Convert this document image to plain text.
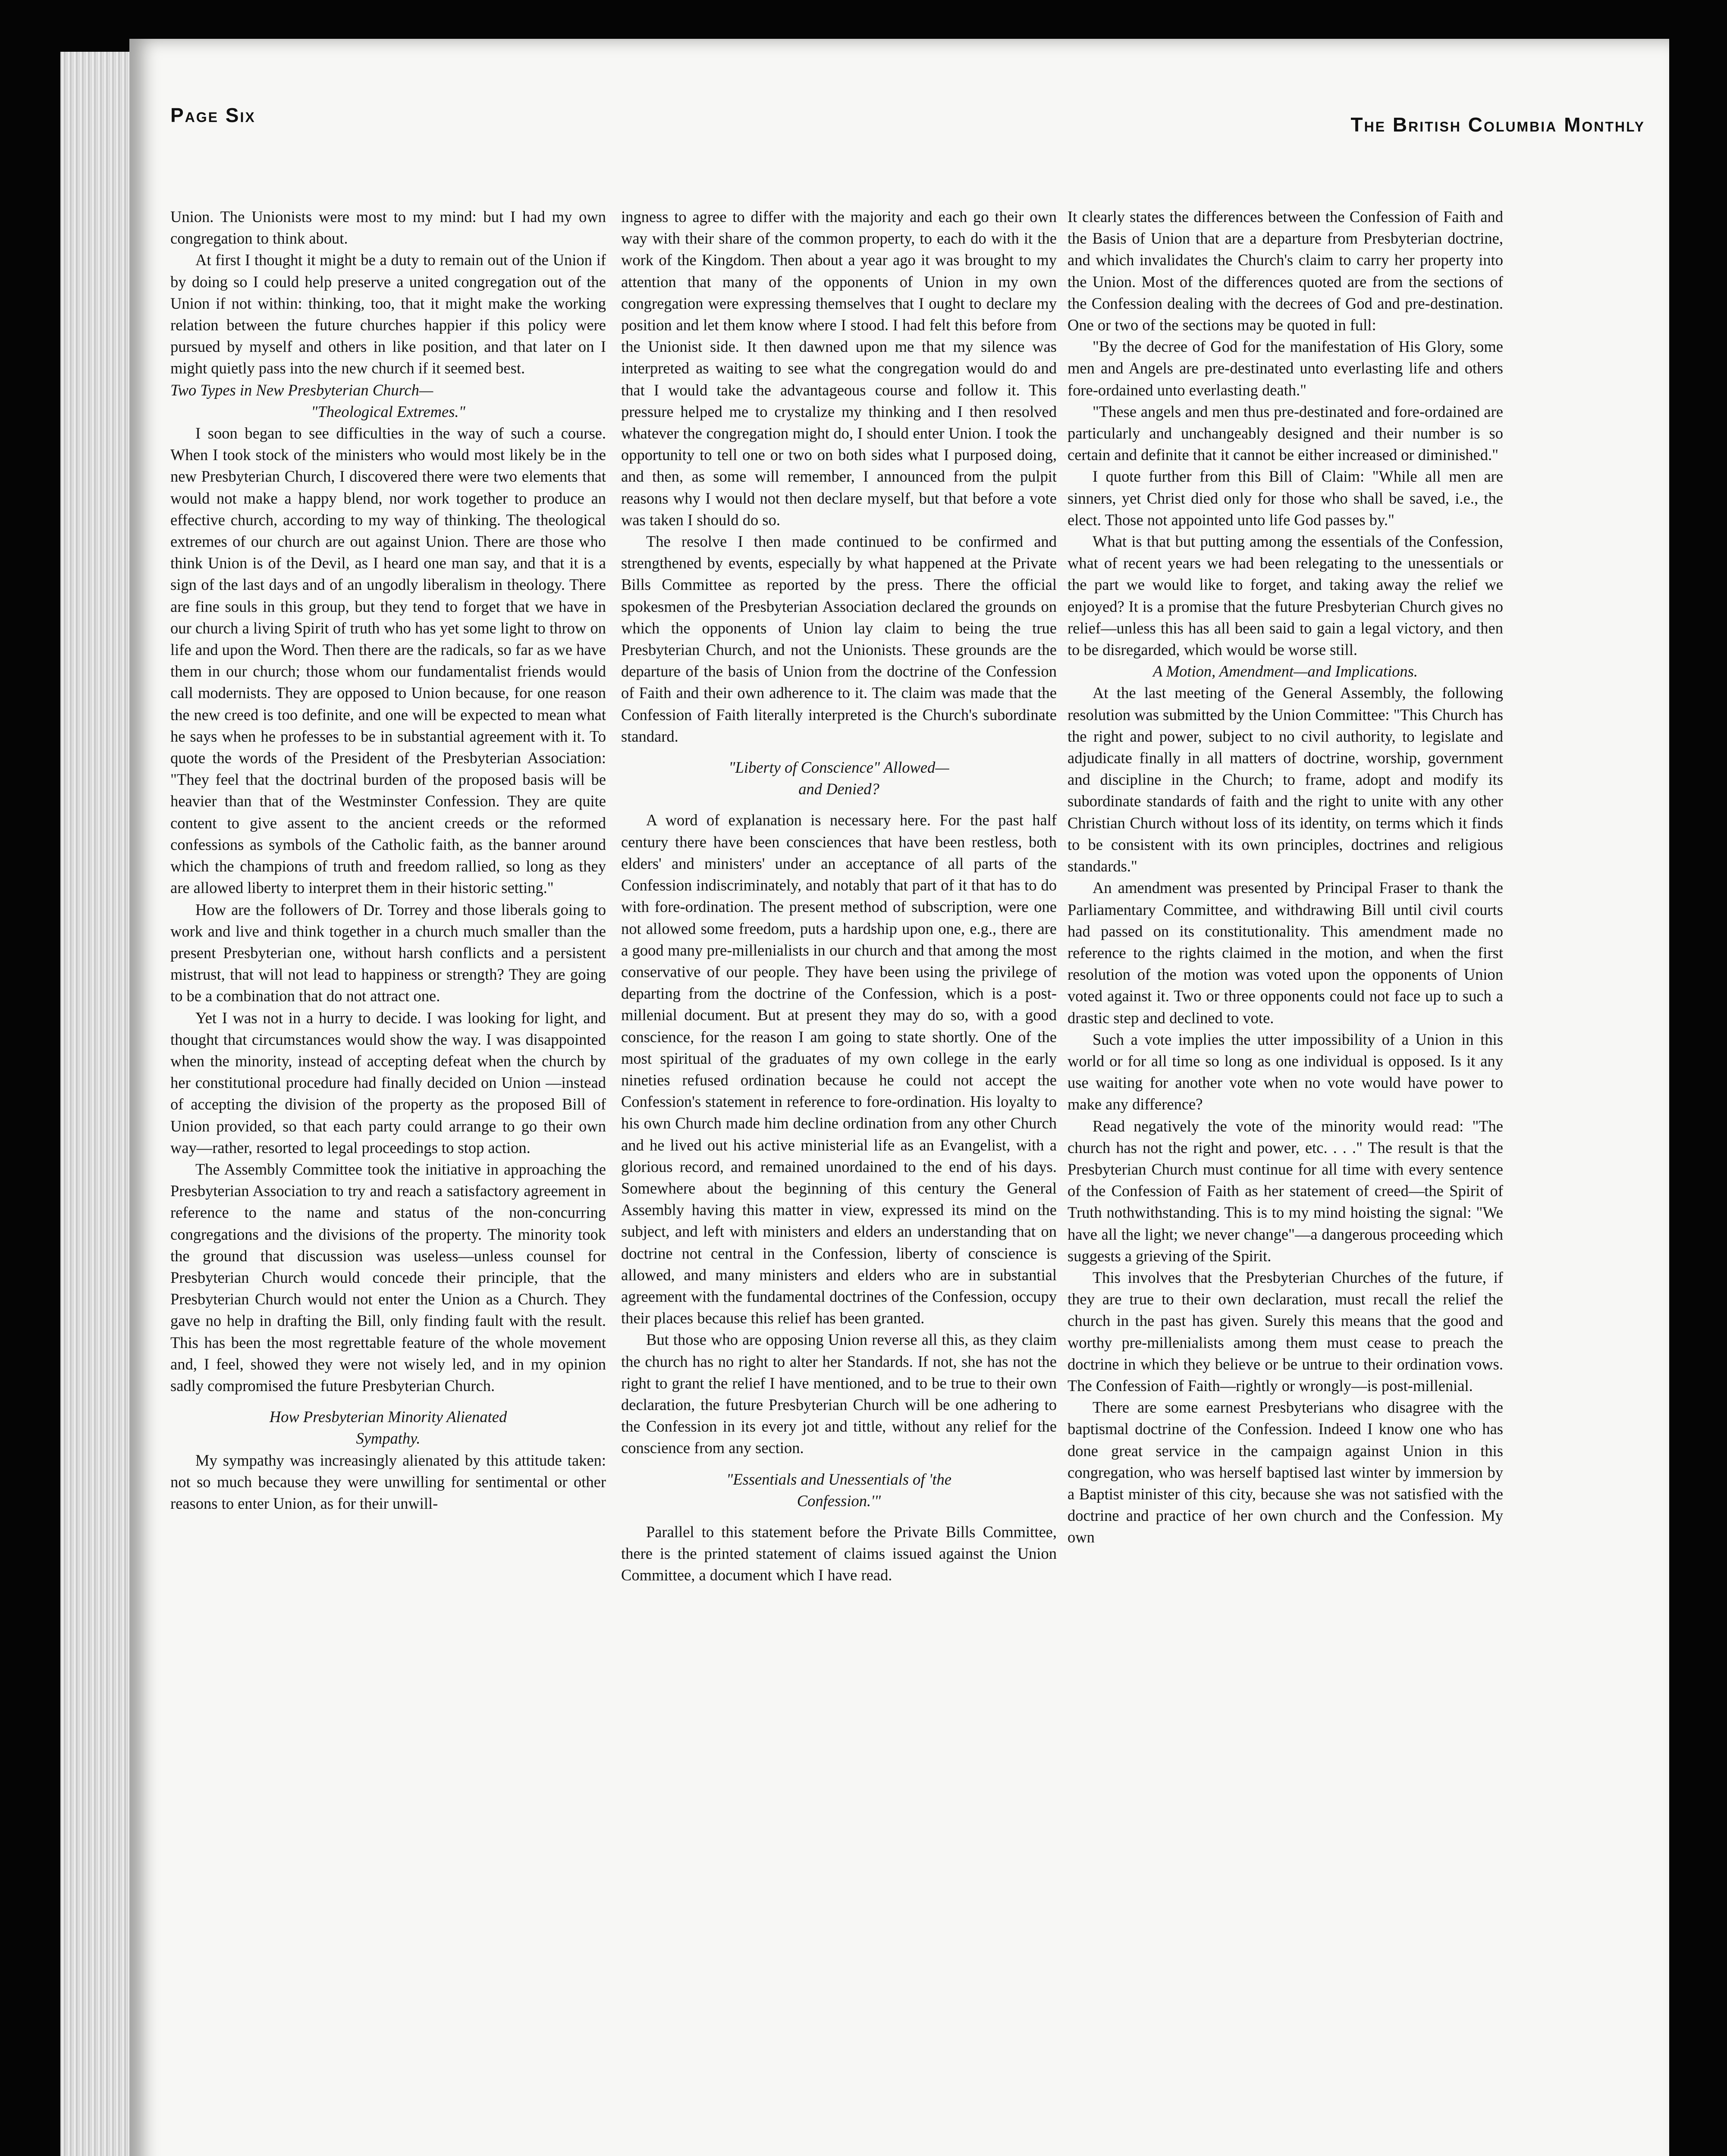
Page Six	The British Columbia Monthly

Union. The Unionists were most to my mind: but I had my own congregation to think about.

At first I thought it might be a duty to remain out of the Union if by doing so I could help preserve a united congregation out of the Union if not within: thinking, too, that it might make the working relation between the future churches happier if this policy were pursued by myself and others in like position, and that later on I might quietly pass into the new church if it seemed best.

Two Types in New Presbyterian Church—
"Theological Extremes."

I soon began to see difficulties in the way of such a course. When I took stock of the ministers who would most likely be in the new Presbyterian Church, I discovered there were two elements that would not make a happy blend, nor work together to produce an effective church, according to my way of thinking. The theological extremes of our church are out against Union. There are those who think Union is of the Devil, as I heard one man say, and that it is a sign of the last days and of an ungodly liberalism in theology. There are fine souls in this group, but they tend to forget that we have in our church a living Spirit of truth who has yet some light to throw on life and upon the Word. Then there are the radicals, so far as we have them in our church; those whom our fundamentalist friends would call modernists. They are opposed to Union because, for one reason the new creed is too definite, and one will be expected to mean what he says when he professes to be in substantial agreement with it. To quote the words of the President of the Presbyterian Association: "They feel that the doctrinal burden of the proposed basis will be heavier than that of the Westminster Confession. They are quite content to give assent to the ancient creeds or the reformed confessions as symbols of the Catholic faith, as the banner around which the champions of truth and freedom rallied, so long as they are allowed liberty to interpret them in their historic setting."

How are the followers of Dr. Torrey and those liberals going to work and live and think together in a church much smaller than the present Presbyterian one, without harsh conflicts and a persistent mistrust, that will not lead to happiness or strength? They are going to be a combination that do not attract one.

Yet I was not in a hurry to decide. I was looking for light, and thought that circumstances would show the way. I was disappointed when the minority, instead of accepting defeat when the church by her constitutional procedure had finally decided on Union —instead of accepting the division of the property as the proposed Bill of Union provided, so that each party could arrange to go their own way—rather, resorted to legal proceedings to stop action.

The Assembly Committee took the initiative in approaching the Presbyterian Association to try and reach a satisfactory agreement in reference to the name and status of the non-concurring congregations and the divisions of the property. The minority took the ground that discussion was useless—unless counsel for Presbyterian Church would concede their principle, that the Presbyterian Church would not enter the Union as a Church. They gave no help in drafting the Bill, only finding fault with the result. This has been the most regrettable feature of the whole movement and, I feel, showed they were not wisely led, and in my opinion sadly compromised the future Presbyterian Church.

How Presbyterian Minority Alienated
Sympathy.

My sympathy was increasingly alienated by this attitude taken: not so much because they were unwilling for sentimental or other reasons to enter Union, as for their unwill-

ingness to agree to differ with the majority and each go their own way with their share of the common property, to each do with it the work of the Kingdom. Then about a year ago it was brought to my attention that many of the opponents of Union in my own congregation were expressing themselves that I ought to declare my position and let them know where I stood. I had felt this before from the Unionist side. It then dawned upon me that my silence was interpreted as waiting to see what the congregation would do and that I would take the advantageous course and follow it. This pressure helped me to crystalize my thinking and I then resolved whatever the congregation might do, I should enter Union. I took the opportunity to tell one or two on both sides what I purposed doing, and then, as some will remember, I announced from the pulpit reasons why I would not then declare myself, but that before a vote was taken I should do so.

The resolve I then made continued to be confirmed and strengthened by events, especially by what happened at the Private Bills Committee as reported by the press. There the official spokesmen of the Presbyterian Association declared the grounds on which the opponents of Union lay claim to being the true Presbyterian Church, and not the Unionists. These grounds are the departure of the basis of Union from the doctrine of the Confession of Faith and their own adherence to it. The claim was made that the Confession of Faith literally interpreted is the Church's subordinate standard.

"Liberty of Conscience" Allowed—
and Denied?

A word of explanation is necessary here. For the past half century there have been consciences that have been restless, both elders' and ministers' under an acceptance of all parts of the Confession indiscriminately, and notably that part of it that has to do with fore-ordination. The present method of subscription, were one not allowed some freedom, puts a hardship upon one, e.g., there are a good many pre-millenialists in our church and that among the most conservative of our people. They have been using the privilege of departing from the doctrine of the Confession, which is a post-millenial document. But at present they may do so, with a good conscience, for the reason I am going to state shortly. One of the most spiritual of the graduates of my own college in the early nineties refused ordination because he could not accept the Confession's statement in reference to fore-ordination. His loyalty to his own Church made him decline ordination from any other Church and he lived out his active ministerial life as an Evangelist, with a glorious record, and remained unordained to the end of his days. Somewhere about the beginning of this century the General Assembly having this matter in view, expressed its mind on the subject, and left with ministers and elders an understanding that on doctrine not central in the Confession, liberty of conscience is allowed, and many ministers and elders who are in substantial agreement with the fundamental doctrines of the Confession, occupy their places because this relief has been granted.

But those who are opposing Union reverse all this, as they claim the church has no right to alter her Standards. If not, she has not the right to grant the relief I have mentioned, and to be true to their own declaration, the future Presbyterian Church will be one adhering to the Confession in its every jot and tittle, without any relief for the conscience from any section.

"Essentials and Unessentials of 'the
Confession.'"

Parallel to this statement before the Private Bills Committee, there is the printed statement of claims issued against the Union Committee, a document which I have read.

It clearly states the differences between the Confession of Faith and the Basis of Union that are a departure from Presbyterian doctrine, and which invalidates the Church's claim to carry her property into the Union. Most of the differences quoted are from the sections of the Confession dealing with the decrees of God and pre-destination. One or two of the sections may be quoted in full:

"By the decree of God for the manifestation of His Glory, some men and Angels are pre-destinated unto everlasting life and others fore-ordained unto everlasting death."

"These angels and men thus pre-destinated and fore-ordained are particularly and unchangeably designed and their number is so certain and definite that it cannot be either increased or diminished."

I quote further from this Bill of Claim: "While all men are sinners, yet Christ died only for those who shall be saved, i.e., the elect. Those not appointed unto life God passes by."

What is that but putting among the essentials of the Confession, what of recent years we had been relegating to the unessentials or the part we would like to forget, and taking away the relief we enjoyed? It is a promise that the future Presbyterian Church gives no relief—unless this has all been said to gain a legal victory, and then to be disregarded, which would be worse still.

A Motion, Amendment—and Implications.

At the last meeting of the General Assembly, the following resolution was submitted by the Union Committee: "This Church has the right and power, subject to no civil authority, to legislate and adjudicate finally in all matters of doctrine, worship, government and discipline in the Church; to frame, adopt and modify its subordinate standards of faith and the right to unite with any other Christian Church without loss of its identity, on terms which it finds to be consistent with its own principles, doctrines and religious standards."

An amendment was presented by Principal Fraser to thank the Parliamentary Committee, and withdrawing Bill until civil courts had passed on its constitutionality. This amendment made no reference to the rights claimed in the motion, and when the first resolution of the motion was voted upon the opponents of Union voted against it. Two or three opponents could not face up to such a drastic step and declined to vote.

Such a vote implies the utter impossibility of a Union in this world or for all time so long as one individual is opposed. Is it any use waiting for another vote when no vote would have power to make any difference?

Read negatively the vote of the minority would read: "The church has not the right and power, etc. . . ." The result is that the Presbyterian Church must continue for all time with every sentence of the Confession of Faith as her statement of creed—the Spirit of Truth nothwithstanding. This is to my mind hoisting the signal: "We have all the light; we never change"—a dangerous proceeding which suggests a grieving of the Spirit.

This involves that the Presbyterian Churches of the future, if they are true to their own declaration, must recall the relief the church in the past has given. Surely this means that the good and worthy pre-millenialists among them must cease to preach the doctrine in which they believe or be untrue to their ordination vows. The Confession of Faith—rightly or wrongly—is post-millenial.

There are some earnest Presbyterians who disagree with the baptismal doctrine of the Confession. Indeed I know one who has done great service in the campaign against Union in this congregation, who was herself baptised last winter by immersion by a Baptist minister of this city, because she was not satisfied with the doctrine and practice of her own church and the Confession. My own
